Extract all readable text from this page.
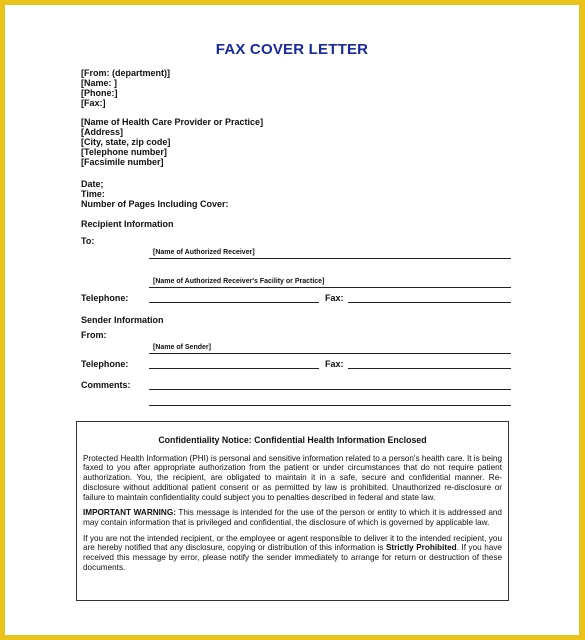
FAX COVER LETTER
[From: (department)]
[Name: ]
[Phone:]
[Fax:]
[Name of Health Care Provider or Practice]
[Address]
[City, state, zip code]
[Telephone number]
[Facsimile number]
Date;
Time:
Number of Pages Including Cover:
Recipient Information
To:
[Name of Authorized Receiver]
[Name of Authorized Receiver's Facility or Practice]
Telephone:	Fax:
Sender Information
From:
[Name of Sender]
Telephone:	Fax:
Comments:
Confidentiality Notice: Confidential Health Information Enclosed

Protected Health Information (PHI) is personal and sensitive information related to a person's health care. It is being faxed to you after appropriate authorization from the patient or under circumstances that do not require patient authorization. You, the recipient, are obligated to maintain it in a safe, secure and confidential manner. Re-disclosure without additional patient consent or as permitted by law is prohibited. Unauthorized re-disclosure or failure to maintain confidentiality could subject you to penalties described in federal and state law.

IMPORTANT WARNING: This message is intended for the use of the person or entity to which it is addressed and may contain information that is privileged and confidential, the disclosure of which is governed by applicable law.

If you are not the intended recipient, or the employee or agent responsible to deliver it to the intended recipient, you are hereby notified that any disclosure, copying or distribution of this information is Strictly Prohibited. If you have received this message by error, please notify the sender immediately to arrange for return or destruction of these documents.
